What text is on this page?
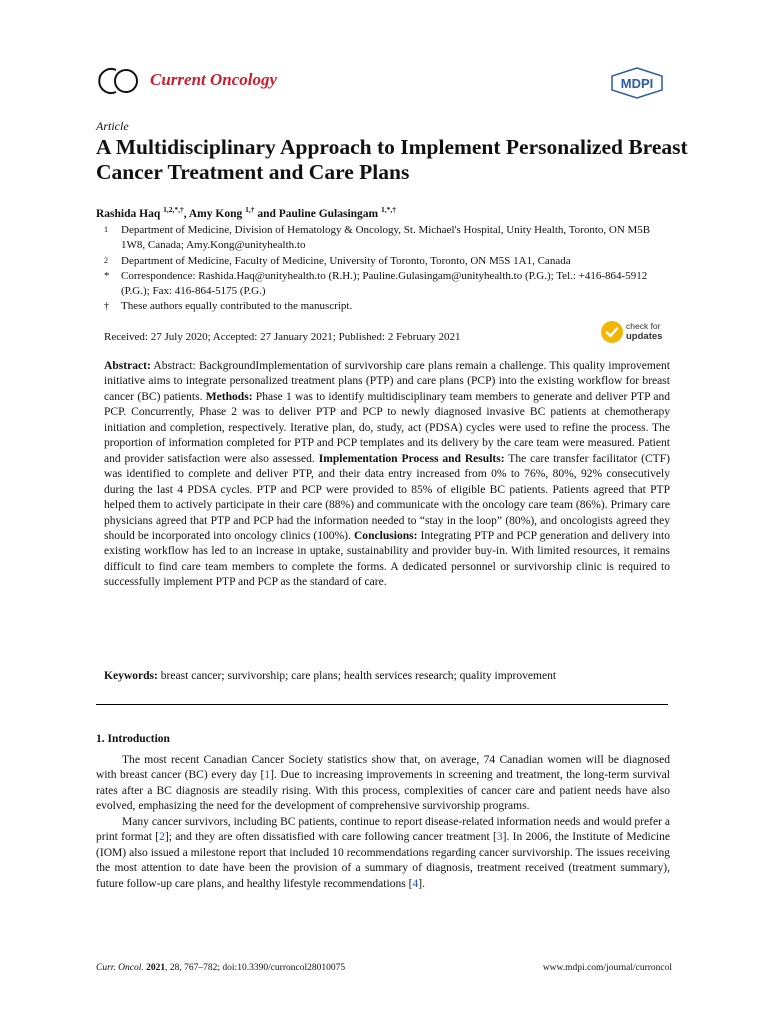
Current Oncology	MDPI
Article
A Multidisciplinary Approach to Implement Personalized Breast Cancer Treatment and Care Plans
Rashida Haq $^{1,2,*,\dagger}$, Amy Kong $^{1,\dagger}$ and Pauline Gulasingam $^{1,*,\dagger}$
1 Department of Medicine, Division of Hematology & Oncology, St. Michael's Hospital, Unity Health, Toronto, ON M5B 1W8, Canada; Amy.Kong@unityhealth.to
2 Department of Medicine, Faculty of Medicine, University of Toronto, Toronto, ON M5S 1A1, Canada
* Correspondence: Rashida.Haq@unityhealth.to (R.H.); Pauline.Gulasingam@unityhealth.to (P.G.); Tel.: +416-864-5912 (P.G.); Fax: 416-864-5175 (P.G.)
† These authors equally contributed to the manuscript.
Received: 27 July 2020; Accepted: 27 January 2021; Published: 2 February 2021
check for
updates
Abstract: Abstract: BackgroundImplementation of survivorship care plans remain a challenge. This quality improvement initiative aims to integrate personalized treatment plans (PTP) and care plans (PCP) into the existing workflow for breast cancer (BC) patients. Methods: Phase 1 was to identify multidisciplinary team members to generate and deliver PTP and PCP. Concurrently, Phase 2 was to deliver PTP and PCP to newly diagnosed invasive BC patients at chemotherapy initiation and completion, respectively. Iterative plan, do, study, act (PDSA) cycles were used to refine the process. The proportion of information completed for PTP and PCP templates and its delivery by the care team were measured. Patient and provider satisfaction were also assessed. Implementation Process and Results: The care transfer facilitator (CTF) was identified to complete and deliver PTP, and their data entry increased from 0% to 76%, 80%, 92% consecutively during the last 4 PDSA cycles. PTP and PCP were provided to 85% of eligible BC patients. Patients agreed that PTP helped them to actively participate in their care (88%) and communicate with the oncology care team (86%). Primary care physicians agreed that PTP and PCP had the information needed to “stay in the loop” (80%), and oncologists agreed they should be incorporated into oncology clinics (100%). Conclusions: Integrating PTP and PCP generation and delivery into existing workflow has led to an increase in uptake, sustainability and provider buy-in. With limited resources, it remains difficult to find care team members to complete the forms. A dedicated personnel or survivorship clinic is required to successfully implement PTP and PCP as the standard of care.
Keywords: breast cancer; survivorship; care plans; health services research; quality improvement
1. Introduction

The most recent Canadian Cancer Society statistics show that, on average, 74 Canadian women will be diagnosed with breast cancer (BC) every day [1]. Due to increasing improvements in screening and treatment, the long-term survival rates after a BC diagnosis are steadily rising. With this process, complexities of cancer care and patient needs have also evolved, emphasizing the need for the development of comprehensive survivorship programs.

Many cancer survivors, including BC patients, continue to report disease-related information needs and would prefer a print format [2]; and they are often dissatisfied with care following cancer treatment [3]. In 2006, the Institute of Medicine (IOM) also issued a milestone report that included 10 recommendations regarding cancer survivorship. The issues receiving the most attention to date have been the provision of a summary of diagnosis, treatment received (treatment summary), future follow-up care plans, and healthy lifestyle recommendations [4].

Curr. Oncol. 2021, 28, 767–782; doi:10.3390/curroncol28010075	www.mdpi.com/journal/curroncol
